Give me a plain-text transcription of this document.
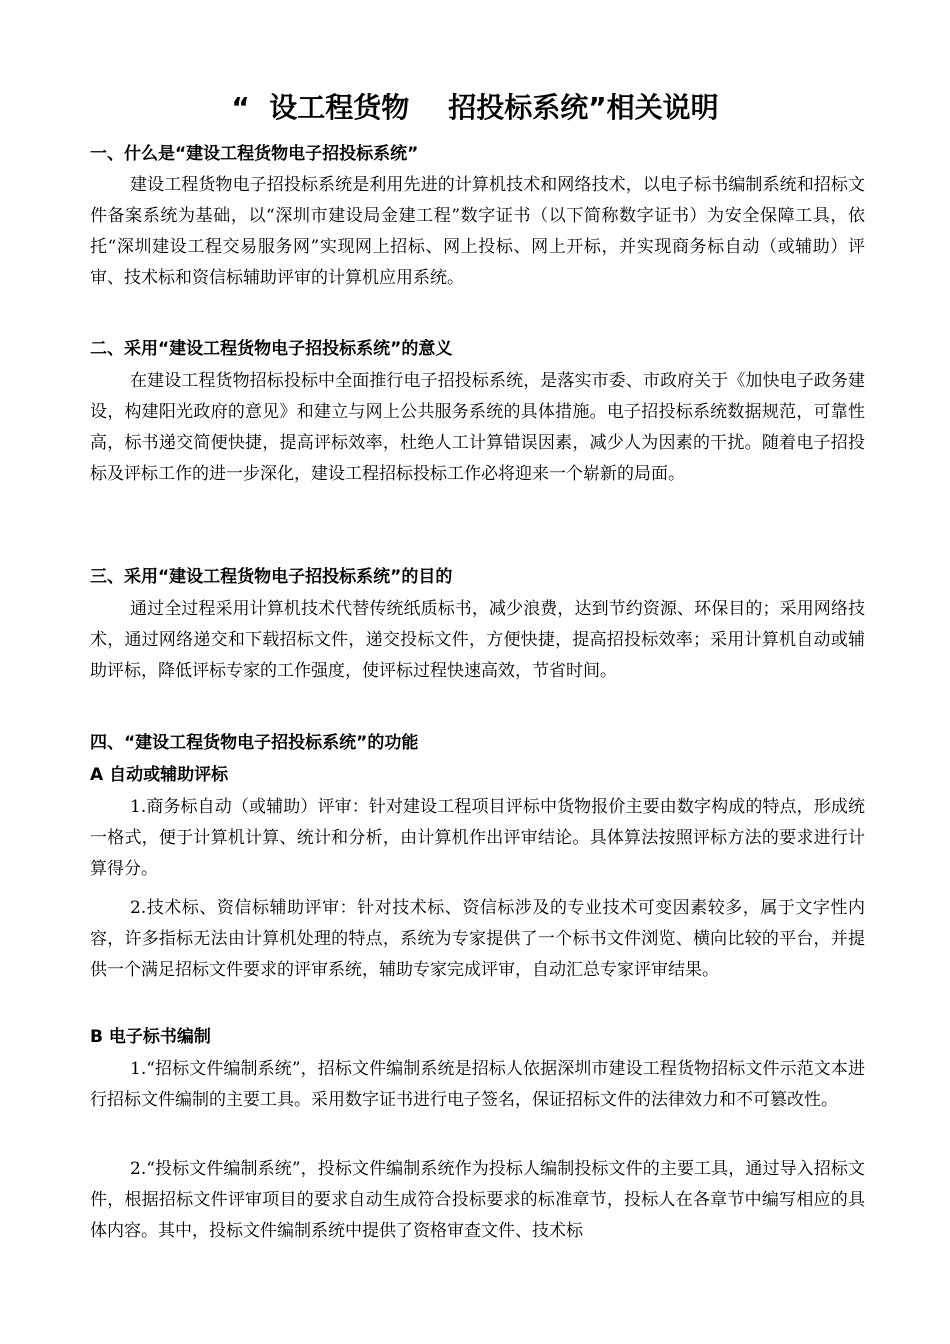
“  设工程货物    招投标系统”相关说明
一、什么是“建设工程货物电子招投标系统”
建设工程货物电子招投标系统是利用先进的计算机技术和网络技术，以电子标书编制系统和招标文件备案系统为基础，以“深圳市建设局金建工程”数字证书（以下简称数字证书）为安全保障工具，依托“深圳建设工程交易服务网”实现网上招标、网上投标、网上开标，并实现商务标自动（或辅助）评审、技术标和资信标辅助评审的计算机应用系统。
二、采用“建设工程货物电子招投标系统”的意义
在建设工程货物招标投标中全面推行电子招投标系统，是落实市委、市政府关于《加快电子政务建设，构建阳光政府的意见》和建立与网上公共服务系统的具体措施。电子招投标系统数据规范，可靠性高，标书递交简便快捷，提高评标效率，杜绝人工计算错误因素，减少人为因素的干扰。随着电子招投标及评标工作的进一步深化，建设工程招标投标工作必将迎来一个崭新的局面。
三、采用“建设工程货物电子招投标系统”的目的
通过全过程采用计算机技术代替传统纸质标书，减少浪费，达到节约资源、环保目的；采用网络技术，通过网络递交和下载招标文件，递交投标文件，方便快捷，提高招投标效率；采用计算机自动或辅助评标，降低评标专家的工作强度，使评标过程快速高效，节省时间。
四、“建设工程货物电子招投标系统”的功能
A 自动或辅助评标
1.商务标自动（或辅助）评审：针对建设工程项目评标中货物报价主要由数字构成的特点，形成统一格式，便于计算机计算、统计和分析，由计算机作出评审结论。具体算法按照评标方法的要求进行计算得分。
2.技术标、资信标辅助评审：针对技术标、资信标涉及的专业技术可变因素较多，属于文字性内容，许多指标无法由计算机处理的特点，系统为专家提供了一个标书文件浏览、横向比较的平台，并提供一个满足招标文件要求的评审系统，辅助专家完成评审，自动汇总专家评审结果。
B 电子标书编制
1.“招标文件编制系统”，招标文件编制系统是招标人依据深圳市建设工程货物招标文件示范文本进行招标文件编制的主要工具。采用数字证书进行电子签名，保证招标文件的法律效力和不可篡改性。
2.“投标文件编制系统”，投标文件编制系统作为投标人编制投标文件的主要工具，通过导入招标文件，根据招标文件评审项目的要求自动生成符合投标要求的标准章节，投标人在各章节中编写相应的具体内容。其中，投标文件编制系统中提供了资格审查文件、技术标
